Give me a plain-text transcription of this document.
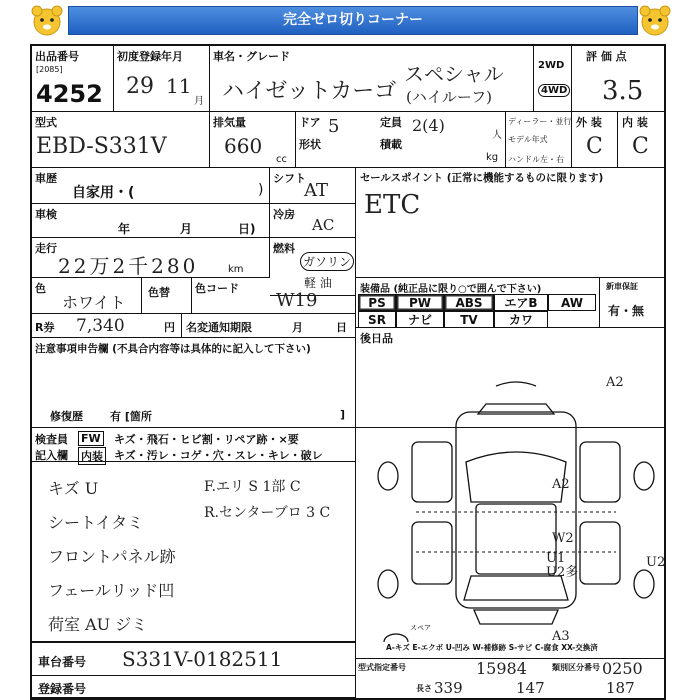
完全ゼロ切りコーナー
出品番号
[2085]
4252
初度登録年月
29 11
月
車名・グレード
ハイゼットカーゴ
スペシャル
(ハイルーフ)
2WD
4WD
評 価 点
3.5
型式
EBD-S331V
排気量
660
cc
ドア 5	定員 2(4)
人
形状	積載
kg
ディーラー・並行
モデル年式
ハンドル 左・右
外 装
C
内 装
C
車歴
自家用・(	)
シフト
AT
車検
年	月	日)
冷房
AC
走行
22万2千280	km
燃料
ガソリン
軽 油
色
ホワイト
色替 色コード
W19
R券 7,340	円 名変通知期限	月	日
注意事項申告欄 (不具合内容等は具体的に記入して下さい)
修復歴 有 [箇所	]
セールスポイント (正常に機能するものに限ります)
ETC
装備品 (純正品に限り○で囲んで下さい)
PS	PW	ABS	エアB	AW
SR	ナビ	TV	カワ
新車保証
有・無
後日品
検査員
記入欄
FW
内装
キズ・飛石・ヒビ割・リペア跡・×要
キズ・汚レ・コゲ・穴・スレ・キレ・破レ
キズ U
シートイタミ
フロントパネル跡
フェールリッド凹
荷室 AU ジミ
F.エリ S 1部 C
R.センターブロ 3 C
A2
A2
W2
U1
U2多
U2
A3
スペア
A-キズ E-エクボ U-凹み W-補修跡 S-サビ C-腐食 XX-交換済
車台番号 S331V-0182511
登録番号
型式指定番号	15984	類別区分番号 0250
長さ 339	147	187
